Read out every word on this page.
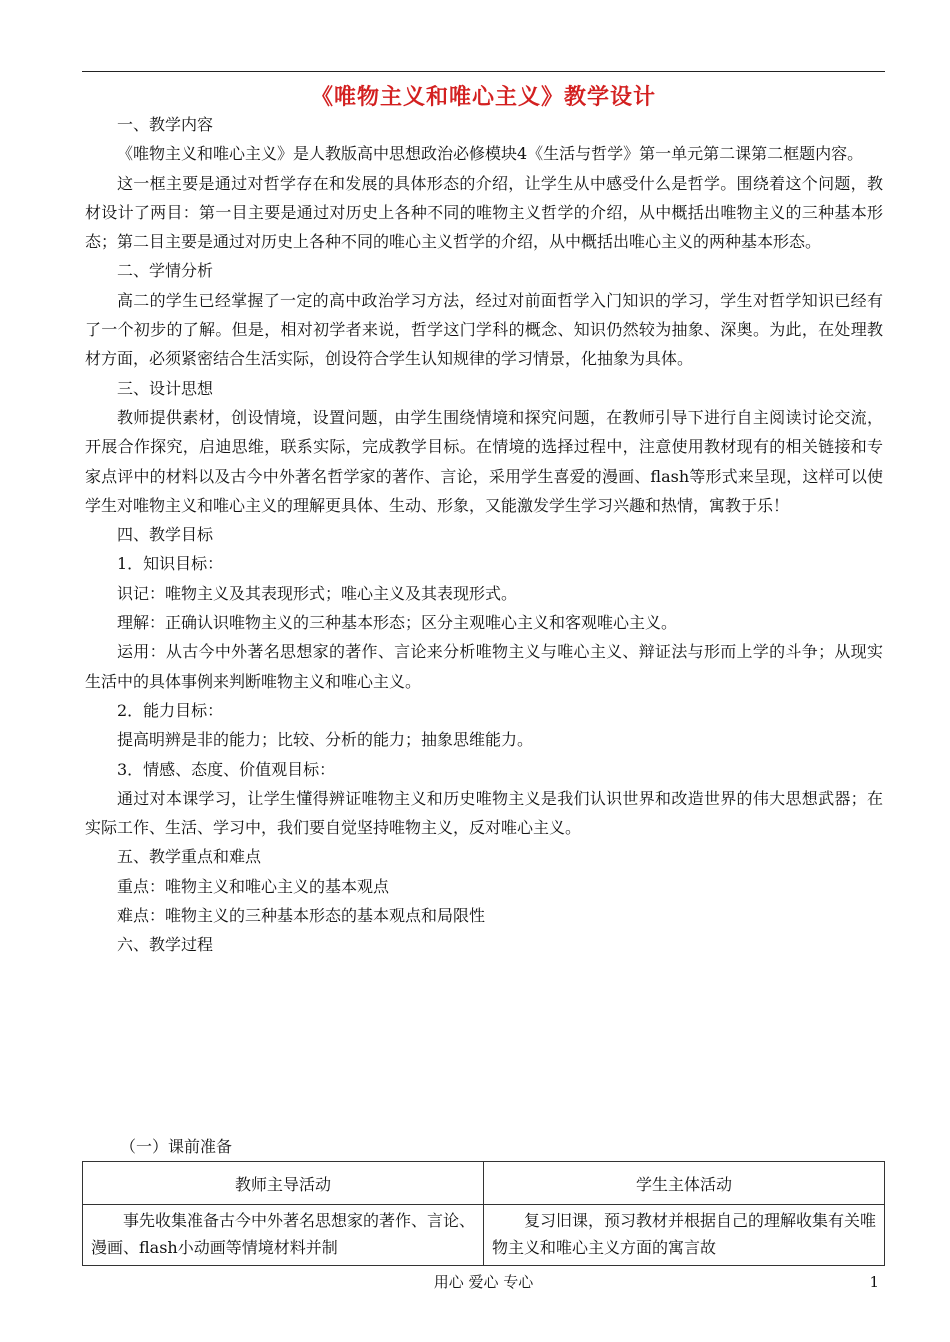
《唯物主义和唯心主义》教学设计

一、教学内容

《唯物主义和唯心主义》是人教版高中思想政治必修模块4《生活与哲学》第一单元第二课第二框题内容。

这一框主要是通过对哲学存在和发展的具体形态的介绍，让学生从中感受什么是哲学。围绕着这个问题，教材设计了两目：第一目主要是通过对历史上各种不同的唯物主义哲学的介绍，从中概括出唯物主义的三种基本形态；第二目主要是通过对历史上各种不同的唯心主义哲学的介绍，从中概括出唯心主义的两种基本形态。

二、学情分析

高二的学生已经掌握了一定的高中政治学习方法，经过对前面哲学入门知识的学习，学生对哲学知识已经有了一个初步的了解。但是，相对初学者来说，哲学这门学科的概念、知识仍然较为抽象、深奥。为此，在处理教材方面，必须紧密结合生活实际，创设符合学生认知规律的学习情景，化抽象为具体。

三、设计思想

教师提供素材，创设情境，设置问题，由学生围绕情境和探究问题，在教师引导下进行自主阅读讨论交流，开展合作探究，启迪思维，联系实际，完成教学目标。在情境的选择过程中，注意使用教材现有的相关链接和专家点评中的材料以及古今中外著名哲学家的著作、言论，采用学生喜爱的漫画、flash等形式来呈现，这样可以使学生对唯物主义和唯心主义的理解更具体、生动、形象，又能激发学生学习兴趣和热情，寓教于乐！

四、教学目标

1．知识目标：

识记：唯物主义及其表现形式；唯心主义及其表现形式。

理解：正确认识唯物主义的三种基本形态；区分主观唯心主义和客观唯心主义。

运用：从古今中外著名思想家的著作、言论来分析唯物主义与唯心主义、辩证法与形而上学的斗争；从现实生活中的具体事例来判断唯物主义和唯心主义。

2．能力目标：

提高明辨是非的能力；比较、分析的能力；抽象思维能力。

3．情感、态度、价值观目标：

通过对本课学习，让学生懂得辨证唯物主义和历史唯物主义是我们认识世界和改造世界的伟大思想武器；在实际工作、生活、学习中，我们要自觉坚持唯物主义，反对唯心主义。

五、教学重点和难点

重点：唯物主义和唯心主义的基本观点

难点：唯物主义的三种基本形态的基本观点和局限性

六、教学过程

（一）课前准备
教师主导活动	学生主体活动
事先收集准备古今中外著名思想家的著作、言论、漫画、flash小动画等情境材料并制	复习旧课，预习教材并根据自己的理解收集有关唯物主义和唯心主义方面的寓言故
用心 爱心 专心	1
